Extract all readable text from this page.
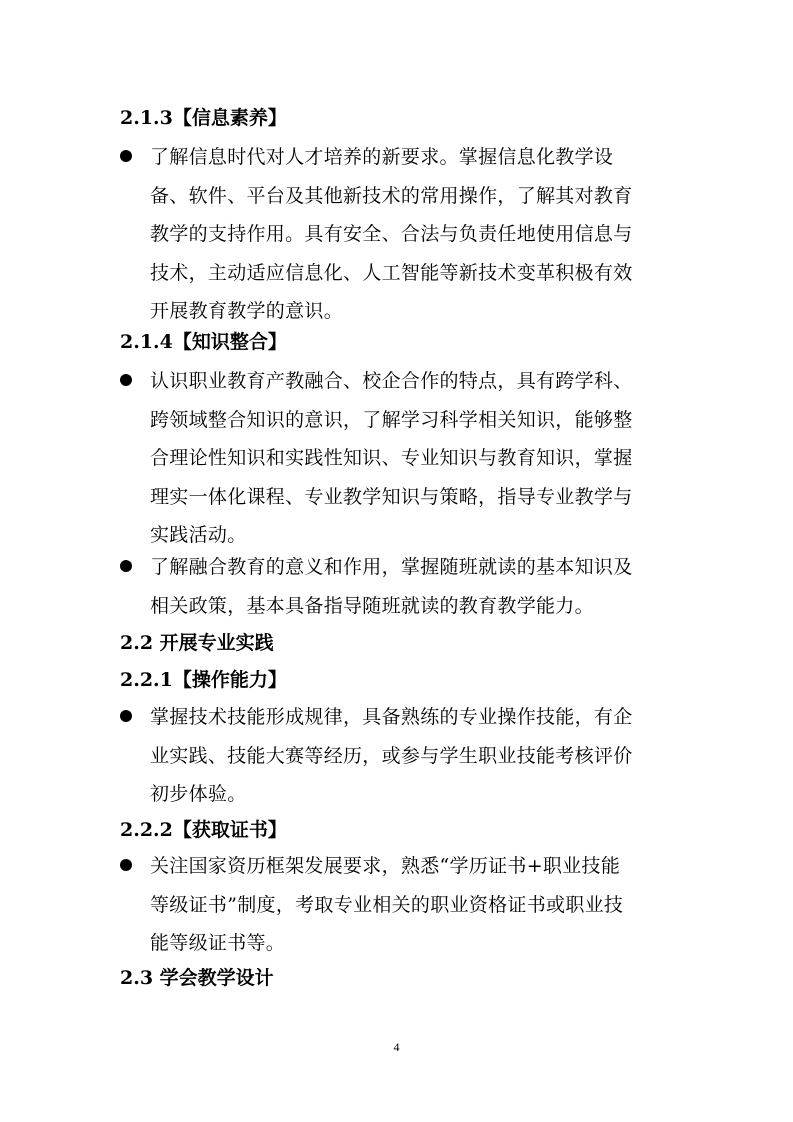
2.1.3【信息素养】
了解信息时代对人才培养的新要求。掌握信息化教学设
备、软件、平台及其他新技术的常用操作，了解其对教育
教学的支持作用。具有安全、合法与负责任地使用信息与
技术，主动适应信息化、人工智能等新技术变革积极有效
开展教育教学的意识。
2.1.4【知识整合】
认识职业教育产教融合、校企合作的特点，具有跨学科、
跨领域整合知识的意识，了解学习科学相关知识，能够整
合理论性知识和实践性知识、专业知识与教育知识，掌握
理实一体化课程、专业教学知识与策略，指导专业教学与
实践活动。
了解融合教育的意义和作用，掌握随班就读的基本知识及
相关政策，基本具备指导随班就读的教育教学能力。
2.2 开展专业实践
2.2.1【操作能力】
掌握技术技能形成规律，具备熟练的专业操作技能，有企
业实践、技能大赛等经历，或参与学生职业技能考核评价
初步体验。
2.2.2【获取证书】
关注国家资历框架发展要求，熟悉“学历证书+职业技能
等级证书”制度，考取专业相关的职业资格证书或职业技
能等级证书等。
2.3 学会教学设计
4
